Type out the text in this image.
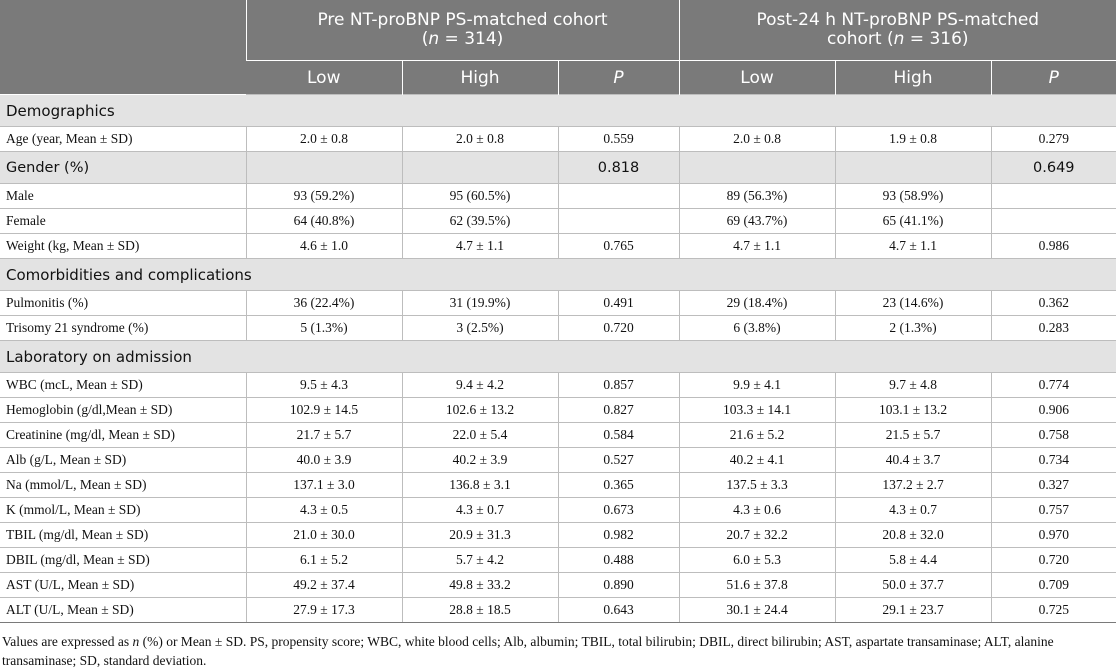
	Pre NT-proBNP PS-matched cohort
(n = 314)			Post-24 h NT-proBNP PS-matched
cohort (n = 316)		
	Low	High	P	Low	High	P
Demographics						
Age (year, Mean ± SD)	2.0 ± 0.8	2.0 ± 0.8	0.559	2.0 ± 0.8	1.9 ± 0.8	0.279
Gender (%)			0.818			0.649
Male	93 (59.2%)	95 (60.5%)		89 (56.3%)	93 (58.9%)	
Female	64 (40.8%)	62 (39.5%)		69 (43.7%)	65 (41.1%)	
Weight (kg, Mean ± SD)	4.6 ± 1.0	4.7 ± 1.1	0.765	4.7 ± 1.1	4.7 ± 1.1	0.986
Comorbidities and complications						
Pulmonitis (%)	36 (22.4%)	31 (19.9%)	0.491	29 (18.4%)	23 (14.6%)	0.362
Trisomy 21 syndrome (%)	5 (1.3%)	3 (2.5%)	0.720	6 (3.8%)	2 (1.3%)	0.283
Laboratory on admission						
WBC (mcL, Mean ± SD)	9.5 ± 4.3	9.4 ± 4.2	0.857	9.9 ± 4.1	9.7 ± 4.8	0.774
Hemoglobin (g/dl,Mean ± SD)	102.9 ± 14.5	102.6 ± 13.2	0.827	103.3 ± 14.1	103.1 ± 13.2	0.906
Creatinine (mg/dl, Mean ± SD)	21.7 ± 5.7	22.0 ± 5.4	0.584	21.6 ± 5.2	21.5 ± 5.7	0.758
Alb (g/L, Mean ± SD)	40.0 ± 3.9	40.2 ± 3.9	0.527	40.2 ± 4.1	40.4 ± 3.7	0.734
Na (mmol/L, Mean ± SD)	137.1 ± 3.0	136.8 ± 3.1	0.365	137.5 ± 3.3	137.2 ± 2.7	0.327
K (mmol/L, Mean ± SD)	4.3 ± 0.5	4.3 ± 0.7	0.673	4.3 ± 0.6	4.3 ± 0.7	0.757
TBIL (mg/dl, Mean ± SD)	21.0 ± 30.0	20.9 ± 31.3	0.982	20.7 ± 32.2	20.8 ± 32.0	0.970
DBIL (mg/dl, Mean ± SD)	6.1 ± 5.2	5.7 ± 4.2	0.488	6.0 ± 5.3	5.8 ± 4.4	0.720
AST (U/L, Mean ± SD)	49.2 ± 37.4	49.8 ± 33.2	0.890	51.6 ± 37.8	50.0 ± 37.7	0.709
ALT (U/L, Mean ± SD)	27.9 ± 17.3	28.8 ± 18.5	0.643	30.1 ± 24.4	29.1 ± 23.7	0.725
Values are expressed as n (%) or Mean ± SD. PS, propensity score; WBC, white blood cells; Alb, albumin; TBIL, total bilirubin; DBIL, direct bilirubin; AST, aspartate transaminase; ALT, alanine transaminase; SD, standard deviation.
